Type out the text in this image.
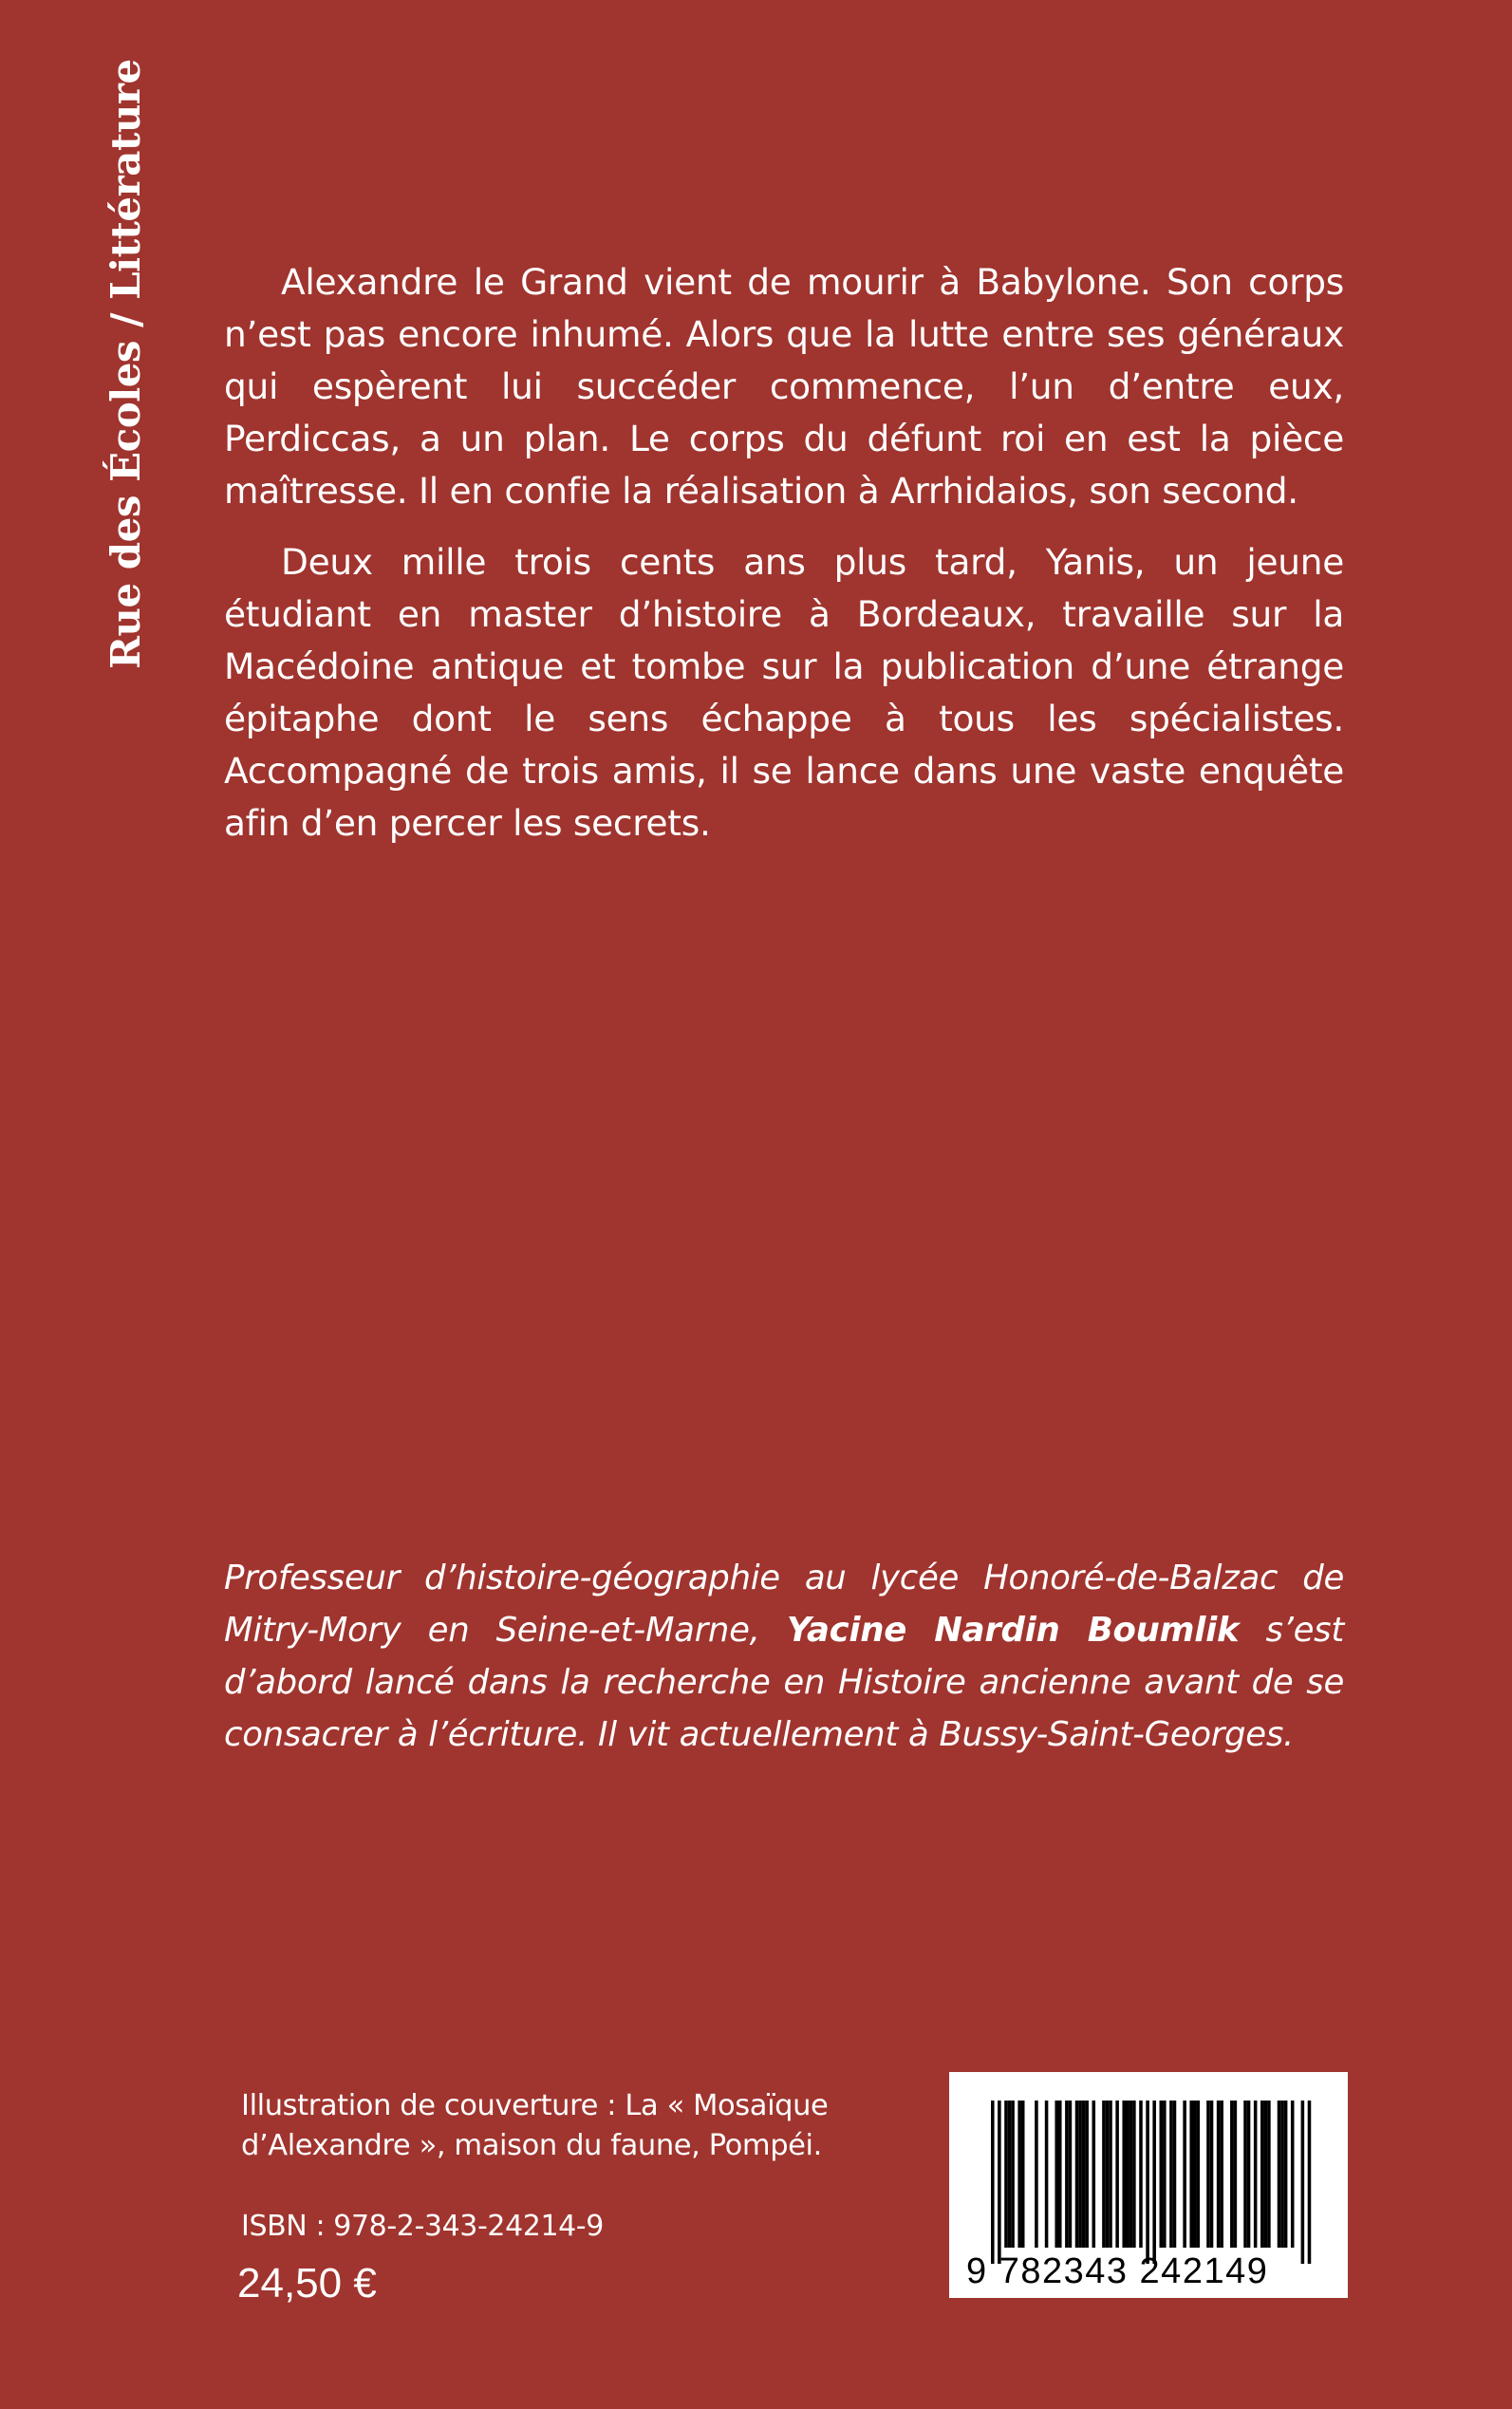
Rue des Écoles / Littérature	Alexandre le Grand vient de mourir à Babylone. Son corps n’est pas encore inhumé. Alors que la lutte entre ses généraux qui espèrent lui succéder commence, l’un d’entre eux, Perdiccas, a un plan. Le corps du défunt roi en est la pièce maîtresse. Il en confie la réalisation à Arrhidaios, son second.

Deux mille trois cents ans plus tard, Yanis, un jeune étudiant en master d’histoire à Bordeaux, travaille sur la Macédoine antique et tombe sur la publication d’une étrange épitaphe dont le sens échappe à tous les spécialistes. Accompagné de trois amis, il se lance dans une vaste enquête afin d’en percer les secrets.

Professeur d’histoire-géographie au lycée Honoré-de-Balzac de Mitry-Mory en Seine-et-Marne, Yacine Nardin Boumlik s’est d’abord lancé dans la recherche en Histoire ancienne avant de se consacrer à l’écriture. Il vit actuellement à Bussy-Saint-Georges.

Illustration de couverture : La « Mosaïque
d’Alexandre », maison du faune, Pompéi.
ISBN : 978-2-343-24214-9
24,50 €	9 782343 242149
